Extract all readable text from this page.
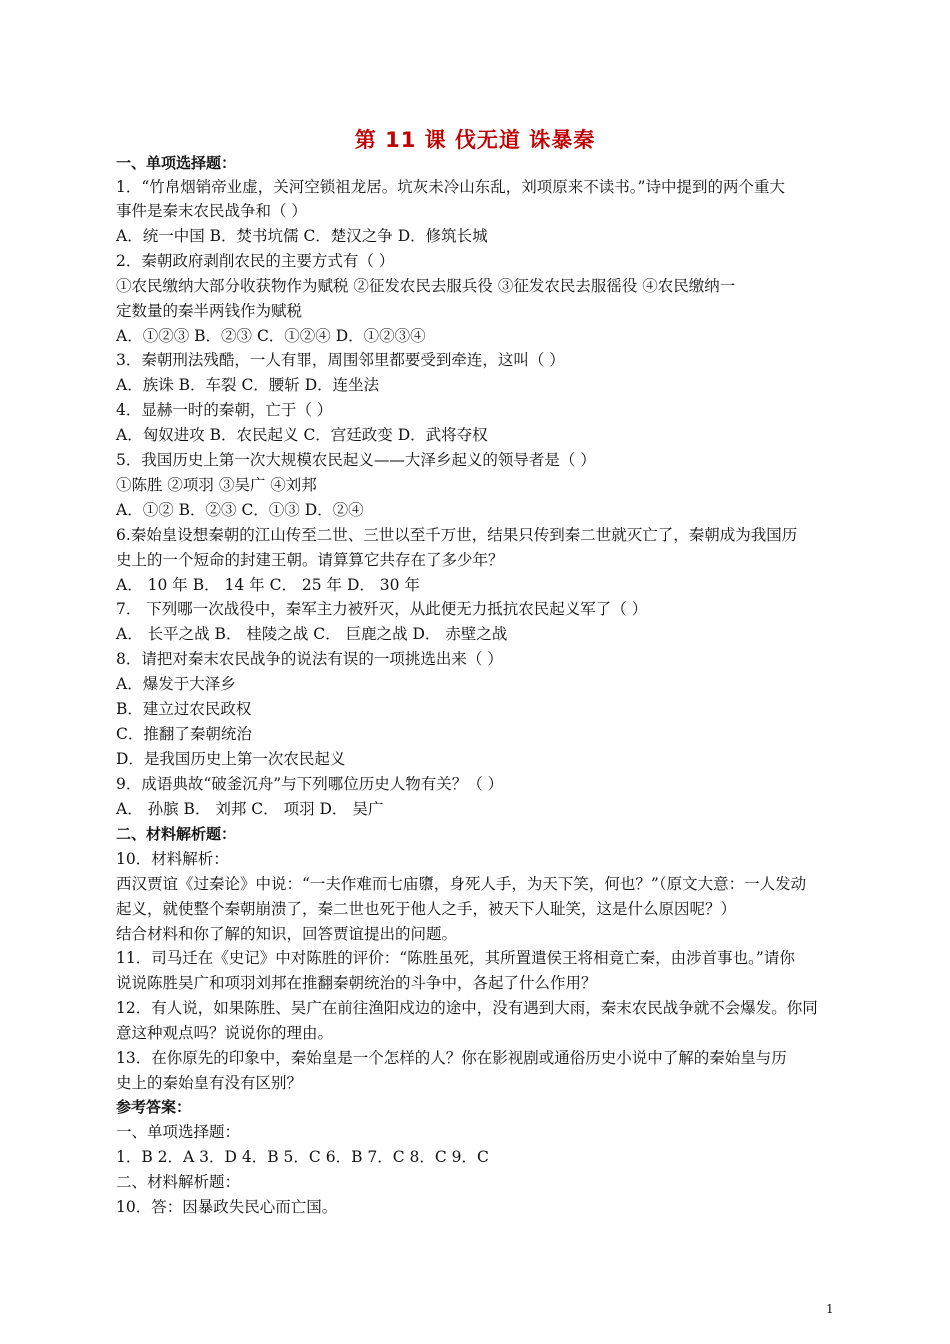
第 11 课 伐无道 诛暴秦
一、单项选择题：
1．“竹帛烟销帝业虚，关河空锁祖龙居。坑灰未冷山东乱，刘项原来不读书。”诗中提到的两个重大
事件是秦末农民战争和（ ）
A．统一中国 B．焚书坑儒 C．楚汉之争 D．修筑长城
2．秦朝政府剥削农民的主要方式有（ ）
①农民缴纳大部分收获物作为赋税 ②征发农民去服兵役 ③征发农民去服徭役 ④农民缴纳一
定数量的秦半两钱作为赋税
A．①②③ B．②③ C．①②④ D．①②③④
3．秦朝刑法残酷，一人有罪，周围邻里都要受到牵连，这叫（ ）
A．族诛 B．车裂 C．腰斩 D．连坐法
4．显赫一时的秦朝，亡于（ ）
A．匈奴进攻 B．农民起义 C．宫廷政变 D．武将夺权
5．我国历史上第一次大规模农民起义——大泽乡起义的领导者是（ ）
①陈胜 ②项羽 ③吴广 ④刘邦
A．①② B．②③ C．①③ D．②④
6.秦始皇设想秦朝的江山传至二世、三世以至千万世，结果只传到秦二世就灭亡了，秦朝成为我国历
史上的一个短命的封建王朝。请算算它共存在了多少年？
A． 10 年 B． 14 年 C． 25 年 D． 30 年
7． 下列哪一次战役中，秦军主力被歼灭，从此便无力抵抗农民起义军了（ ）
A． 长平之战 B． 桂陵之战 C． 巨鹿之战 D． 赤壁之战
8．请把对秦末农民战争的说法有误的一项挑选出来（ ）
A．爆发于大泽乡
B．建立过农民政权
C．推翻了秦朝统治
D．是我国历史上第一次农民起义
9．成语典故“破釜沉舟”与下列哪位历史人物有关？（ ）
A． 孙膑 B． 刘邦 C． 项羽 D． 吴广
二、材料解析题：
10．材料解析：
西汉贾谊《过秦论》中说：“一夫作难而七庙隳，身死人手，为天下笑，何也？”（原文大意：一人发动
起义，就使整个秦朝崩溃了，秦二世也死于他人之手，被天下人耻笑，这是什么原因呢？）
结合材料和你了解的知识，回答贾谊提出的问题。
11．司马迁在《史记》中对陈胜的评价：“陈胜虽死，其所置遣侯王将相竟亡秦，由涉首事也。”请你
说说陈胜吴广和项羽刘邦在推翻秦朝统治的斗争中，各起了什么作用？
12．有人说，如果陈胜、吴广在前往渔阳戍边的途中，没有遇到大雨，秦末农民战争就不会爆发。你同
意这种观点吗？说说你的理由。
13．在你原先的印象中，秦始皇是一个怎样的人？你在影视剧或通俗历史小说中了解的秦始皇与历
史上的秦始皇有没有区别？
参考答案：
一、单项选择题：
1．B 2．A 3．D 4．B 5．C 6．B 7．C 8．C 9．C
二、材料解析题：
10．答：因暴政失民心而亡国。
1
